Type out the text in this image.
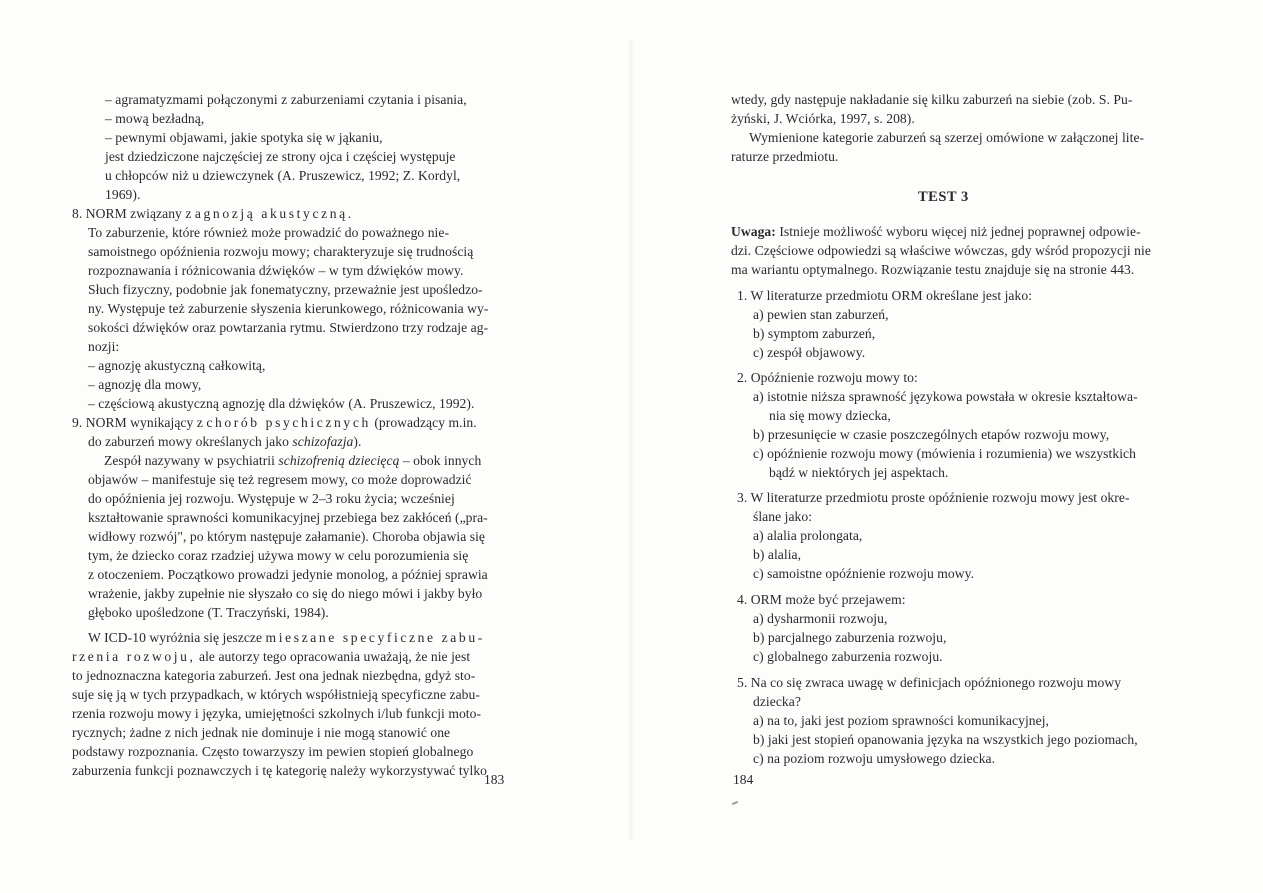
– agramatyzmami połączonymi z zaburzeniami czytania i pisania,
– mową bezładną,
– pewnymi objawami, jakie spotyka się w jąkaniu,
jest dziedziczone najczęściej ze strony ojca i częściej występuje
u chłopców niż u dziewczynek (A. Pruszewicz, 1992; Z. Kordyl,
1969).
8. NORM związany z agnozją akustyczną.
To zaburzenie, które również może prowadzić do poważnego nie-
samoistnego opóźnienia rozwoju mowy; charakteryzuje się trudnością
rozpoznawania i różnicowania dźwięków – w tym dźwięków mowy.
Słuch fizyczny, podobnie jak fonematyczny, przeważnie jest upośledzo-
ny. Występuje też zaburzenie słyszenia kierunkowego, różnicowania wy-
sokości dźwięków oraz powtarzania rytmu. Stwierdzono trzy rodzaje ag-
nozji:
– agnozję akustyczną całkowitą,
– agnozję dla mowy,
– częściową akustyczną agnozję dla dźwięków (A. Pruszewicz, 1992).
9. NORM wynikający z chorób psychicznych (prowadzący m.in.
do zaburzeń mowy określanych jako schizofazja).
Zespół nazywany w psychiatrii schizofrenią dziecięcą – obok innych
objawów – manifestuje się też regresem mowy, co może doprowadzić
do opóźnienia jej rozwoju. Występuje w 2–3 roku życia; wcześniej
kształtowanie sprawności komunikacyjnej przebiega bez zakłóceń („pra-
widłowy rozwój", po którym następuje załamanie). Choroba objawia się
tym, że dziecko coraz rzadziej używa mowy w celu porozumienia się
z otoczeniem. Początkowo prowadzi jedynie monolog, a później sprawia
wrażenie, jakby zupełnie nie słyszało co się do niego mówi i jakby było
głęboko upośledzone (T. Traczyński, 1984).
W ICD-10 wyróżnia się jeszcze mieszane specyficzne zabu-
rzenia rozwoju, ale autorzy tego opracowania uważają, że nie jest
to jednoznaczna kategoria zaburzeń. Jest ona jednak niezbędna, gdyż sto-
suje się ją w tych przypadkach, w których współistnieją specyficzne zabu-
rzenia rozwoju mowy i języka, umiejętności szkolnych i/lub funkcji moto-
rycznych; żadne z nich jednak nie dominuje i nie mogą stanowić one
podstawy rozpoznania. Często towarzyszy im pewien stopień globalnego
zaburzenia funkcji poznawczych i tę kategorię należy wykorzystywać tylko
183
wtedy, gdy następuje nakładanie się kilku zaburzeń na siebie (zob. S. Pu-
żyński, J. Wciórka, 1997, s. 208).
Wymienione kategorie zaburzeń są szerzej omówione w załączonej lite-
raturze przedmiotu.
TEST 3
Uwaga: Istnieje możliwość wyboru więcej niż jednej poprawnej odpowie-
dzi. Częściowe odpowiedzi są właściwe wówczas, gdy wśród propozycji nie
ma wariantu optymalnego. Rozwiązanie testu znajduje się na stronie 443.
1. W literaturze przedmiotu ORM określane jest jako:
a) pewien stan zaburzeń,
b) symptom zaburzeń,
c) zespół objawowy.
2. Opóźnienie rozwoju mowy to:
a) istotnie niższa sprawność językowa powstała w okresie kształtowa-
nia się mowy dziecka,
b) przesunięcie w czasie poszczególnych etapów rozwoju mowy,
c) opóźnienie rozwoju mowy (mówienia i rozumienia) we wszystkich
bądź w niektórych jej aspektach.
3. W literaturze przedmiotu proste opóźnienie rozwoju mowy jest okre-
ślane jako:
a) alalia prolongata,
b) alalia,
c) samoistne opóźnienie rozwoju mowy.
4. ORM może być przejawem:
a) dysharmonii rozwoju,
b) parcjalnego zaburzenia rozwoju,
c) globalnego zaburzenia rozwoju.
5. Na co się zwraca uwagę w definicjach opóźnionego rozwoju mowy
dziecka?
a) na to, jaki jest poziom sprawności komunikacyjnej,
b) jaki jest stopień opanowania języka na wszystkich jego poziomach,
c) na poziom rozwoju umysłowego dziecka.
184
